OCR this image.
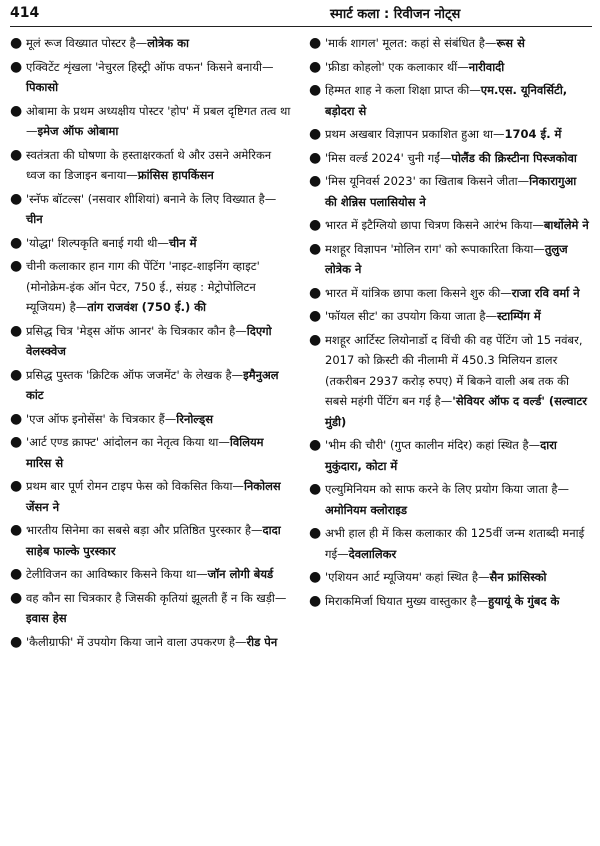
414	स्मार्ट कला : रिवीजन नोट्स
● मूलं रूज विख्यात पोस्टर है—लोत्रेक का
● एक्विटेंट शृंखला 'नेचुरल हिस्ट्री ऑफ वफन' किसने बनायी—पिकासो
● ओबामा के प्रथम अध्यक्षीय पोस्टर 'होप' में प्रबल दृष्टिगत तत्व था—इमेज ऑफ ओबामा
● स्वतंत्रता की घोषणा के हस्ताक्षरकर्ता थे और उसने अमेरिकन ध्वज का डिजाइन बनाया—फ्रांसिस हापकिंसन
● 'स्नॅफ बॉटल्स' (नसवार शीशियां) बनाने के लिए विख्यात है—चीन
● 'योद्धा' शिल्पकृति बनाई गयी थी—चीन में
● चीनी कलाकार हान गाग की पेंटिंग 'नाइट-शाइनिंग व्हाइट' (मोनोक्रेम-इंक ऑन पेटर, 750 ई., संग्रह : मेट्रोपोलिटन म्यूजियम) है—तांग राजवंश (750 ई.) की
● प्रसिद्ध चित्र 'मेड्स ऑफ आनर' के चित्रकार कौन है—दिएगो वेलस्क्वेज
● प्रसिद्ध पुस्तक 'क्रिटिक ऑफ जजमेंट' के लेखक है—इमैनुअल कांट
● 'एज ऑफ इनोसेंस' के चित्रकार हैं—रिनोल्ड्स
● 'आर्ट एण्ड क्राफ्ट' आंदोलन का नेतृत्व किया था—विलियम मारिस से
● प्रथम बार पूर्ण रोमन टाइप फेस को विकसित किया—निकोलस जेंसन ने
● भारतीय सिनेमा का सबसे बड़ा और प्रतिष्ठित पुरस्कार है—दादा साहेब फाल्के पुरस्कार
● टेलीविजन का आविष्कार किसने किया था—जॉन लोगी बेयर्ड
● वह कौन सा चित्रकार है जिसकी कृतियां झूलती हैं न कि खड़ी—इवास हेस
● 'कैलीग्राफी' में उपयोग किया जाने वाला उपकरण है—रीड पेन
● 'मार्क शागल' मूलत: कहां से संबंधित है—रूस से
● 'फ्रीडा कोहलो' एक कलाकार थीं—नारीवादी
● हिम्मत शाह ने कला शिक्षा प्राप्त की—एम.एस. यूनिवर्सिटी, बड़ोदरा से
● प्रथम अखबार विज्ञापन प्रकाशित हुआ था—1704 ई. में
● 'मिस वर्ल्ड 2024' चुनी गईं—पोलैंड की क्रिस्टीना पिस्जकोवा
● 'मिस यूनिवर्स 2023' का खिताब किसने जीता—निकारागुआ की शेन्निस पलासियोस ने
● भारत में इटैग्लियो छापा चित्रण किसने आरंभ किया—बार्थोलेमे ने
● मशहूर विज्ञापन 'मोलिन राग' को रूपाकारिता किया—तुलुज लोत्रेक ने
● भारत में यांत्रिक छापा कला किसने शुरु की—राजा रवि वर्मा ने
● 'फॉयल सीट' का उपयोग किया जाता है—स्टाम्पिंग में
● मशहूर आर्टिस्ट लियोनार्डो द विंची की वह पेंटिंग जो 15 नवंबर, 2017 को क्रिस्टी की नीलामी में 450.3 मिलियन डालर (तकरीबन 2937 करोड़ रुपए) में बिकने वाली अब तक की सबसे महंगी पेंटिंग बन गई है—'सेवियर ऑफ द वर्ल्ड' (सल्वाटर मुंडी)
● 'भीम की चौरी' (गुप्त कालीन मंदिर) कहां स्थित है—दारा मुकुंदारा, कोटा में
● एल्युमिनियम को साफ करने के लिए प्रयोग किया जाता है—अमोनियम क्लोराइड
● अभी हाल ही में किस कलाकार की 125वीं जन्म शताब्दी मनाई गई—देवलालिकर
● 'एशियन आर्ट म्यूजियम' कहां स्थित है—सैन फ्रांसिस्को
● मिराकमिर्जा घियात मुख्य वास्तुकार है—हुयायूं के गुंबद के
